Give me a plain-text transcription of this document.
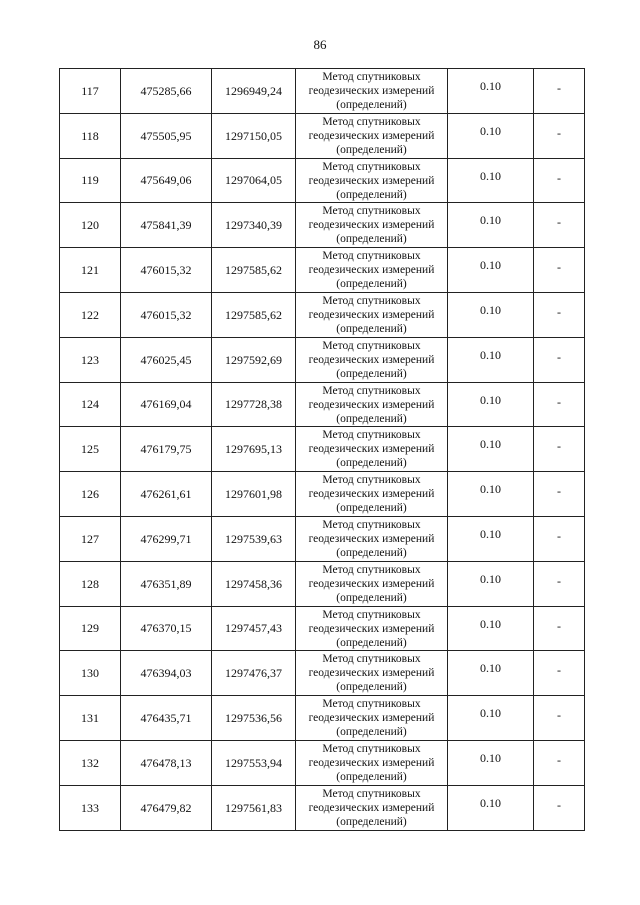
86
117	475285,66	1296949,24	Метод спутниковых
геодезических измерений
(определений)	0.10	-
118	475505,95	1297150,05	Метод спутниковых
геодезических измерений
(определений)	0.10	-
119	475649,06	1297064,05	Метод спутниковых
геодезических измерений
(определений)	0.10	-
120	475841,39	1297340,39	Метод спутниковых
геодезических измерений
(определений)	0.10	-
121	476015,32	1297585,62	Метод спутниковых
геодезических измерений
(определений)	0.10	-
122	476015,32	1297585,62	Метод спутниковых
геодезических измерений
(определений)	0.10	-
123	476025,45	1297592,69	Метод спутниковых
геодезических измерений
(определений)	0.10	-
124	476169,04	1297728,38	Метод спутниковых
геодезических измерений
(определений)	0.10	-
125	476179,75	1297695,13	Метод спутниковых
геодезических измерений
(определений)	0.10	-
126	476261,61	1297601,98	Метод спутниковых
геодезических измерений
(определений)	0.10	-
127	476299,71	1297539,63	Метод спутниковых
геодезических измерений
(определений)	0.10	-
128	476351,89	1297458,36	Метод спутниковых
геодезических измерений
(определений)	0.10	-
129	476370,15	1297457,43	Метод спутниковых
геодезических измерений
(определений)	0.10	-
130	476394,03	1297476,37	Метод спутниковых
геодезических измерений
(определений)	0.10	-
131	476435,71	1297536,56	Метод спутниковых
геодезических измерений
(определений)	0.10	-
132	476478,13	1297553,94	Метод спутниковых
геодезических измерений
(определений)	0.10	-
133	476479,82	1297561,83	Метод спутниковых
геодезических измерений
(определений)	0.10	-
